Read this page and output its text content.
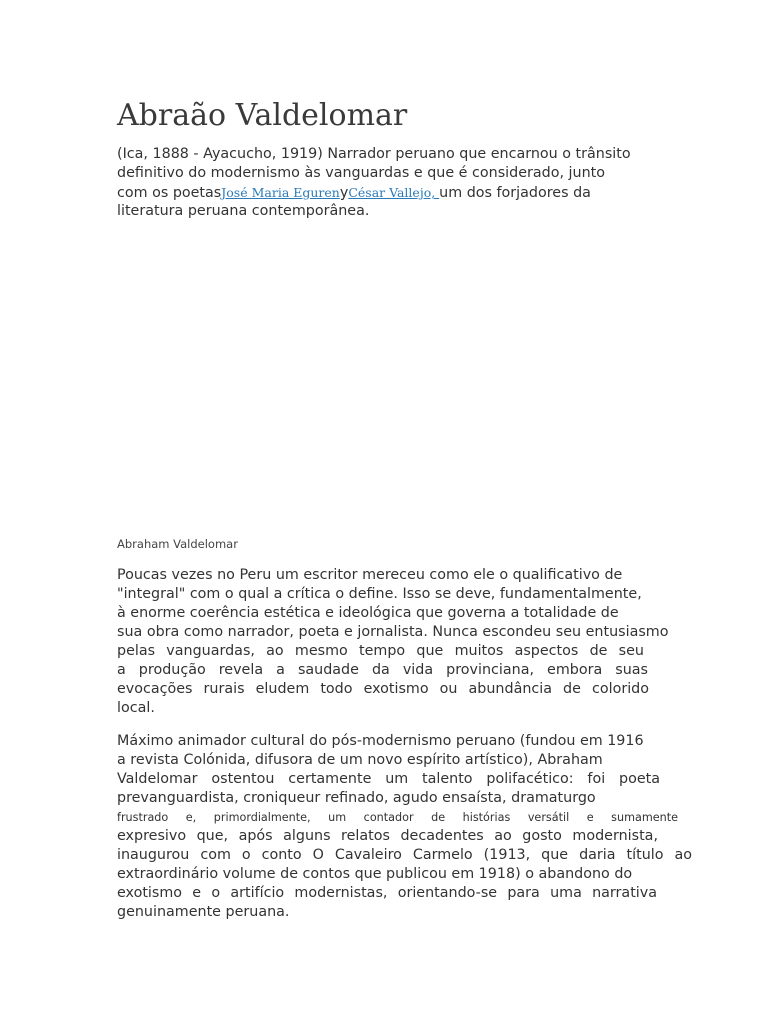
Abraão Valdelomar

(Ica, 1888 - Ayacucho, 1919) Narrador peruano que encarnou o trânsito

definitivo do modernismo às vanguardas e que é considerado, junto

com os poetasJosé Maria EgurenyCésar Vallejo, um dos forjadores da

literatura peruana contemporânea.

Abraham Valdelomar

Poucas vezes no Peru um escritor mereceu como ele o qualificativo de

"integral" com o qual a crítica o define. Isso se deve, fundamentalmente,

à enorme coerência estética e ideológica que governa a totalidade de

sua obra como narrador, poeta e jornalista. Nunca escondeu seu entusiasmo

pelas vanguardas, ao mesmo tempo que muitos aspectos de seu

a produção revela a saudade da vida provinciana, embora suas

evocações rurais eludem todo exotismo ou abundância de colorido

local.

Máximo animador cultural do pós-modernismo peruano (fundou em 1916

a revista Colónida, difusora de um novo espírito artístico), Abraham

Valdelomar ostentou certamente um talento polifacético: foi poeta

prevanguardista, croniqueur refinado, agudo ensaísta, dramaturgo

frustrado e, primordialmente, um contador de histórias versátil e sumamente

expresivo que, após alguns relatos decadentes ao gosto modernista,

inaugurou com o conto O Cavaleiro Carmelo (1913, que daria título ao

extraordinário volume de contos que publicou em 1918) o abandono do

exotismo e o artifício modernistas, orientando-se para uma narrativa

genuinamente peruana.
